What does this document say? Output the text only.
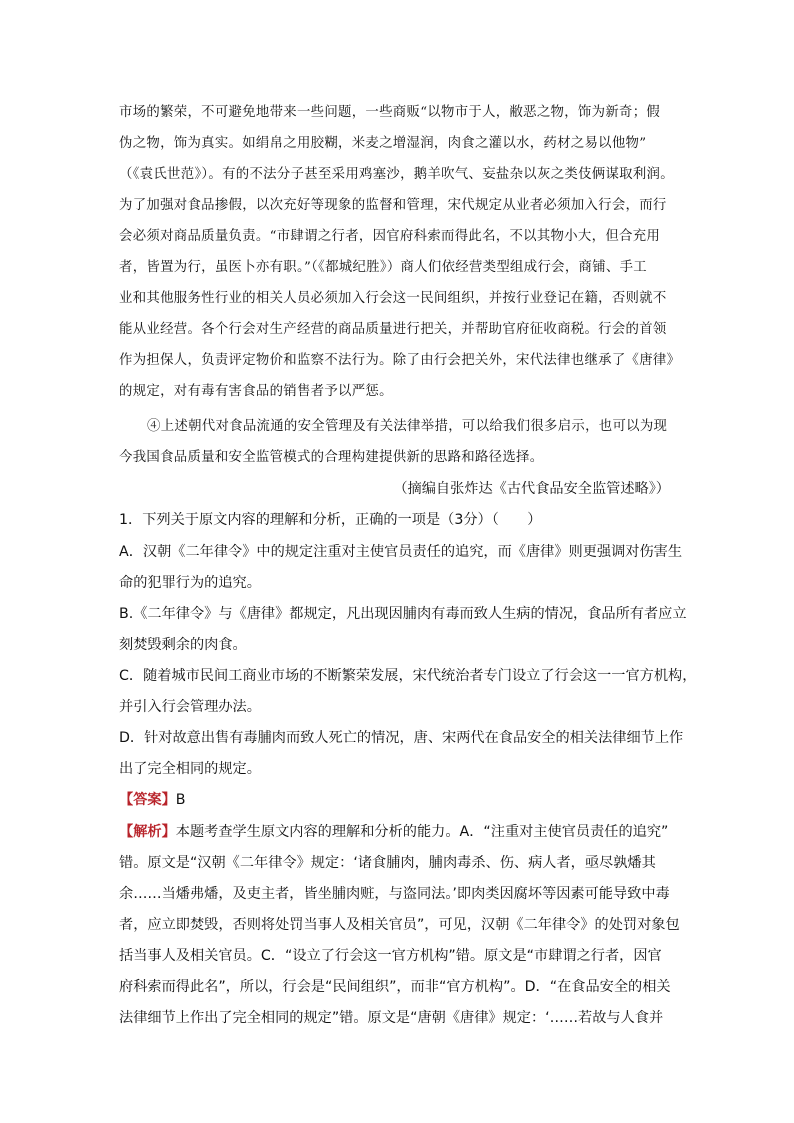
市场的繁荣，不可避免地带来一些问题，一些商贩“以物市于人，敝恶之物，饰为新奇；假
伪之物，饰为真实。如绢帛之用胶糊，米麦之增湿润，肉食之灌以水，药材之易以他物”
（《袁氏世范》）。有的不法分子甚至采用鸡塞沙，鹅羊吹气、妄盐杂以灰之类伎俩谋取利润。
为了加强对食品掺假，以次充好等现象的监督和管理，宋代规定从业者必须加入行会，而行
会必须对商品质量负责。“市肆谓之行者，因官府科索而得此名，不以其物小大，但合充用
者，皆置为行，虽医卜亦有职。”（《都城纪胜》）商人们依经营类型组成行会，商铺、手工
业和其他服务性行业的相关人员必须加入行会这一民间组织，并按行业登记在籍，否则就不
能从业经营。各个行会对生产经营的商品质量进行把关，并帮助官府征收商税。行会的首领
作为担保人，负责评定物价和监察不法行为。除了由行会把关外，宋代法律也继承了《唐律》
的规定，对有毒有害食品的销售者予以严惩。
④上述朝代对食品流通的安全管理及有关法律举措，可以给我们很多启示，也可以为现
今我国食品质量和安全监管模式的合理构建提供新的思路和路径选择。
（摘编自张炸达《古代食品安全监管述略》）
1．下列关于原文内容的理解和分析，正确的一项是（3分）（　　）
A．汉朝《二年律令》中的规定注重对主使官员责任的追究，而《唐律》则更强调对伤害生
命的犯罪行为的追究。
B.《二年律令》与《唐律》都规定，凡出现因脯肉有毒而致人生病的情况，食品所有者应立
刻焚毁剩余的肉食。
C．随着城市民间工商业市场的不断繁荣发展，宋代统治者专门设立了行会这一一官方机构，
并引入行会管理办法。
D．针对故意出售有毒脯肉而致人死亡的情况，唐、宋两代在食品安全的相关法律细节上作
出了完全相同的规定。
【答案】B
【解析】本题考查学生原文内容的理解和分析的能力。A．“注重对主使官员责任的追究”
错。原文是“汉朝《二年律令》规定：‘诸食脯肉，脯肉毒杀、伤、病人者，亟尽孰燔其
余……当燔弗燔，及吏主者，皆坐脯肉赃，与盗同法。’即肉类因腐坏等因素可能导致中毒
者，应立即焚毁，否则将处罚当事人及相关官员”，可见，汉朝《二年律令》的处罚对象包
括当事人及相关官员。C．“设立了行会这一官方机构”错。原文是“市肆谓之行者，因官
府科索而得此名”，所以，行会是“民间组织”，而非“官方机构”。D．“在食品安全的相关
法律细节上作出了完全相同的规定”错。原文是“唐朝《唐律》规定：‘……若故与人食并
